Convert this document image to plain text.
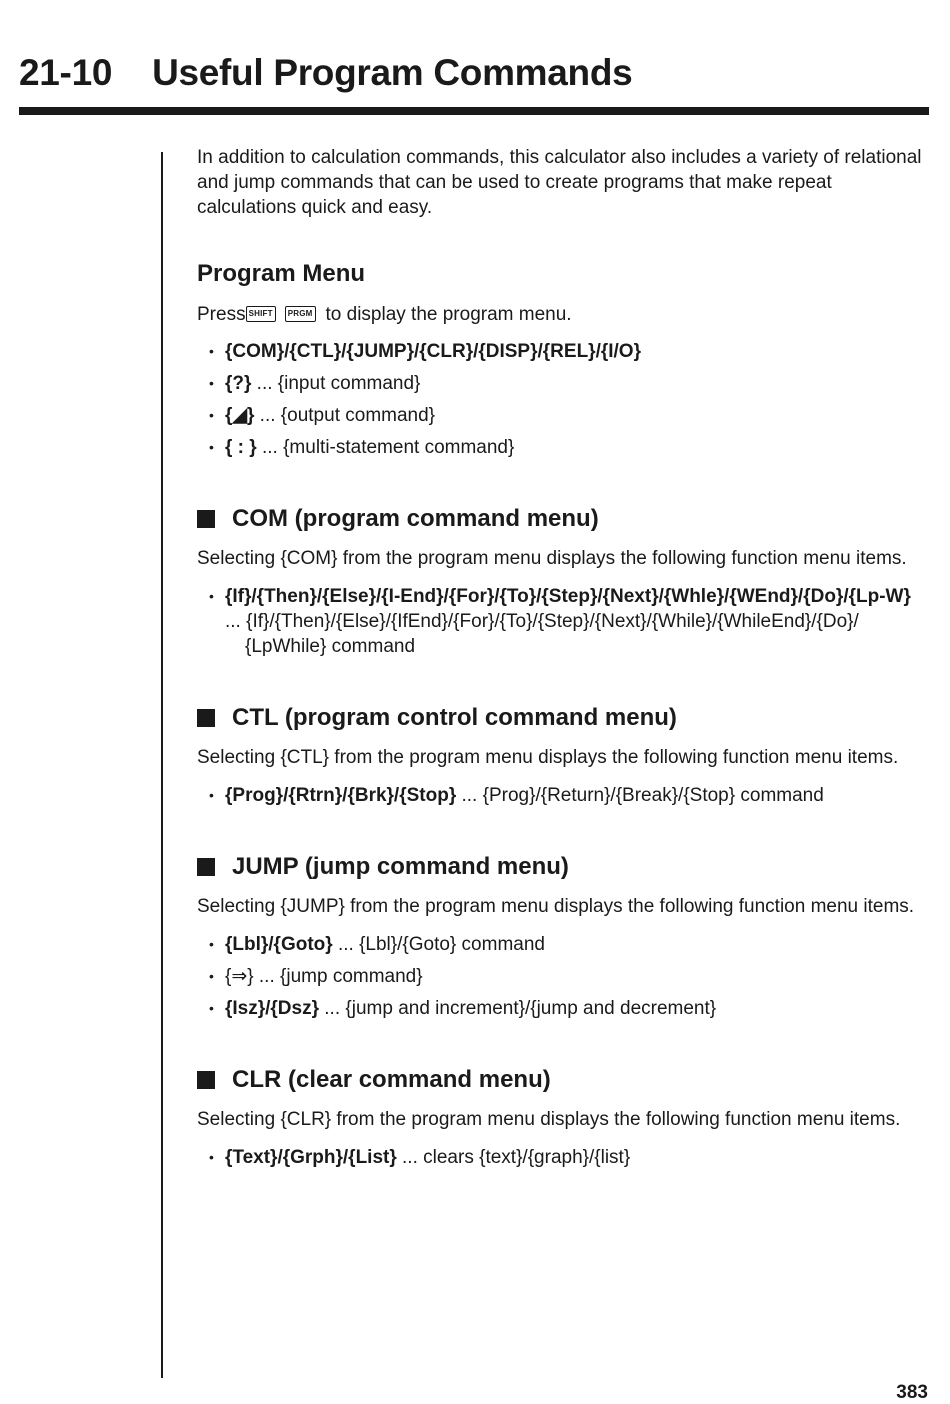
21-10 Useful Program Commands

In addition to calculation commands, this calculator also includes a variety of relational and jump commands that can be used to create programs that make repeat calculations quick and easy.

Program Menu

Press SHIFT	PRGM to display the program menu.

• {COM}/{CTL}/{JUMP}/{CLR}/{DISP}/{REL}/{I/O}
• {?} ... {input command}
• {◢} ... {output command}
• { : } ... {multi-statement command}
COM (program command menu)

Selecting {COM} from the program menu displays the following function menu items.

• {If}/{Then}/{Else}/{I-End}/{For}/{To}/{Step}/{Next}/{Whle}/{WEnd}/{Do}/{Lp-W}
... {If}/{Then}/{Else}/{IfEnd}/{For}/{To}/{Step}/{Next}/{While}/{WhileEnd}/{Do}/
{LpWhile} command
CTL (program control command menu)

Selecting {CTL} from the program menu displays the following function menu items.

• {Prog}/{Rtrn}/{Brk}/{Stop} ... {Prog}/{Return}/{Break}/{Stop} command
JUMP (jump command menu)

Selecting {JUMP} from the program menu displays the following function menu items.

• {Lbl}/{Goto} ... {Lbl}/{Goto} command
• {⇒} ... {jump command}
• {Isz}/{Dsz} ... {jump and increment}/{jump and decrement}
CLR (clear command menu)

Selecting {CLR} from the program menu displays the following function menu items.

• {Text}/{Grph}/{List} ... clears {text}/{graph}/{list}
383
